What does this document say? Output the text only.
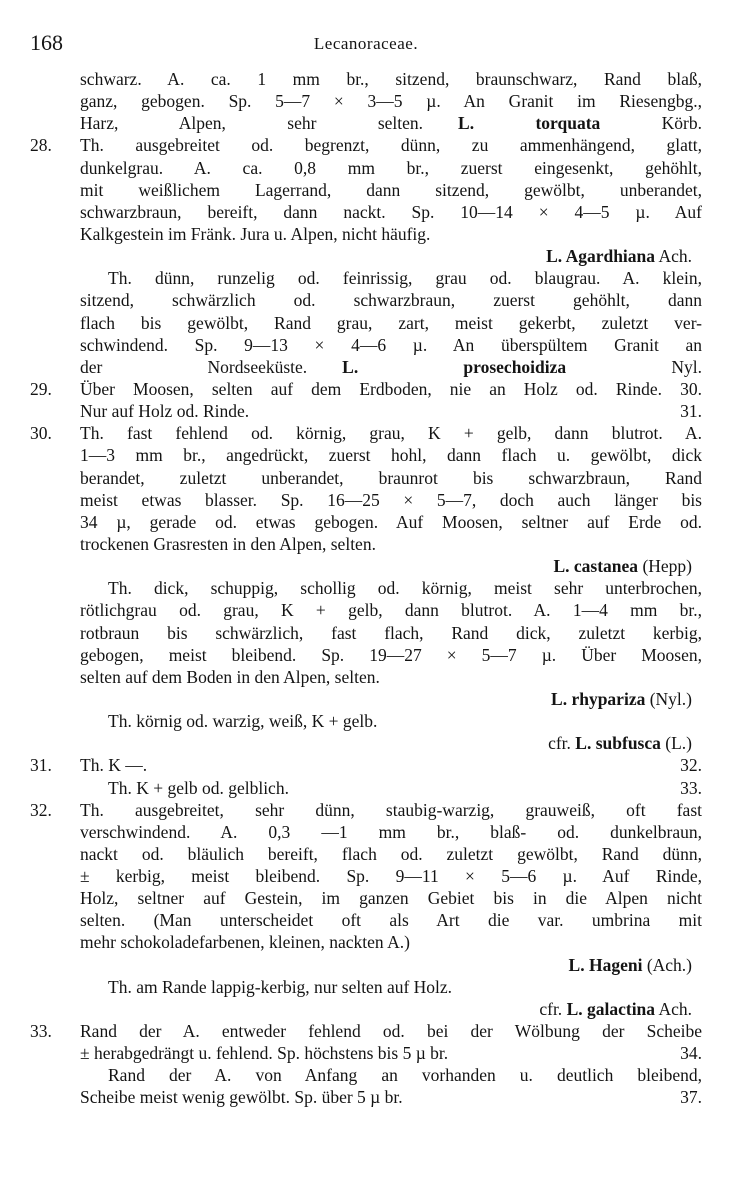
168	Lecanoraceae.
schwarz. A. ca. 1 mm br., sitzend, braunschwarz, Rand blaß,
ganz, gebogen. Sp. 5—7 × 3—5 µ. An Granit im Riesengbg.,
Harz, Alpen, sehr selten.   L. torquata Körb.
28. Th. ausgebreitet od. begrenzt, dünn, zu ammenhängend, glatt,
dunkelgrau. A. ca. 0,8 mm br., zuerst eingesenkt, gehöhlt,
mit weißlichem Lagerrand, dann sitzend, gewölbt, unberandet,
schwarzbraun, bereift, dann nackt. Sp. 10—14 × 4—5 µ. Auf
Kalkgestein im Fränk. Jura u. Alpen, nicht häufig.
L. Agardhiana Ach.
Th. dünn, runzelig od. feinrissig, grau od. blaugrau. A. klein,
sitzend, schwärzlich od. schwarzbraun, zuerst gehöhlt, dann
flach bis gewölbt, Rand grau, zart, meist gekerbt, zuletzt ver-
schwindend. Sp. 9—13 × 4—6 µ. An überspültem Granit an
der Nordseeküste.   L. prosechoidiza Nyl.
29. Über Moosen, selten auf dem Erdboden, nie an Holz od. Rinde. 30.
Nur auf Holz od. Rinde.	31.
30. Th. fast fehlend od. körnig, grau, K + gelb, dann blutrot. A.
1—3 mm br., angedrückt, zuerst hohl, dann flach u. gewölbt, dick
berandet, zuletzt unberandet, braunrot bis schwarzbraun, Rand
meist etwas blasser. Sp. 16—25 × 5—7, doch auch länger bis
34 µ, gerade od. etwas gebogen. Auf Moosen, seltner auf Erde od.
trockenen Grasresten in den Alpen, selten.
L. castanea (Hepp)
Th. dick, schuppig, schollig od. körnig, meist sehr unterbrochen,
rötlichgrau od. grau, K + gelb, dann blutrot. A. 1—4 mm br.,
rotbraun bis schwärzlich, fast flach, Rand dick, zuletzt kerbig,
gebogen, meist bleibend. Sp. 19—27 × 5—7 µ. Über Moosen,
selten auf dem Boden in den Alpen, selten.
L. rhypariza (Nyl.)
Th. körnig od. warzig, weiß, K + gelb.
cfr. L. subfusca (L.)
31. Th. K —.	32.
Th. K + gelb od. gelblich.	33.
32. Th. ausgebreitet, sehr dünn, staubig-warzig, grauweiß, oft fast
verschwindend. A. 0,3 —1 mm br., blaß- od. dunkelbraun,
nackt od. bläulich bereift, flach od. zuletzt gewölbt, Rand dünn,
± kerbig, meist bleibend. Sp. 9—11 × 5—6 µ. Auf Rinde,
Holz, seltner auf Gestein, im ganzen Gebiet bis in die Alpen nicht
selten. (Man unterscheidet oft als Art die var. umbrina mit
mehr schokoladefarbenen, kleinen, nackten A.)
L. Hageni (Ach.)
Th. am Rande lappig-kerbig, nur selten auf Holz.
cfr. L. galactina Ach.
33. Rand der A. entweder fehlend od. bei der Wölbung der Scheibe
± herabgedrängt u. fehlend. Sp. höchstens bis 5 µ br.	34.
Rand der A. von Anfang an vorhanden u. deutlich bleibend,
Scheibe meist wenig gewölbt. Sp. über 5 µ br.	37.
